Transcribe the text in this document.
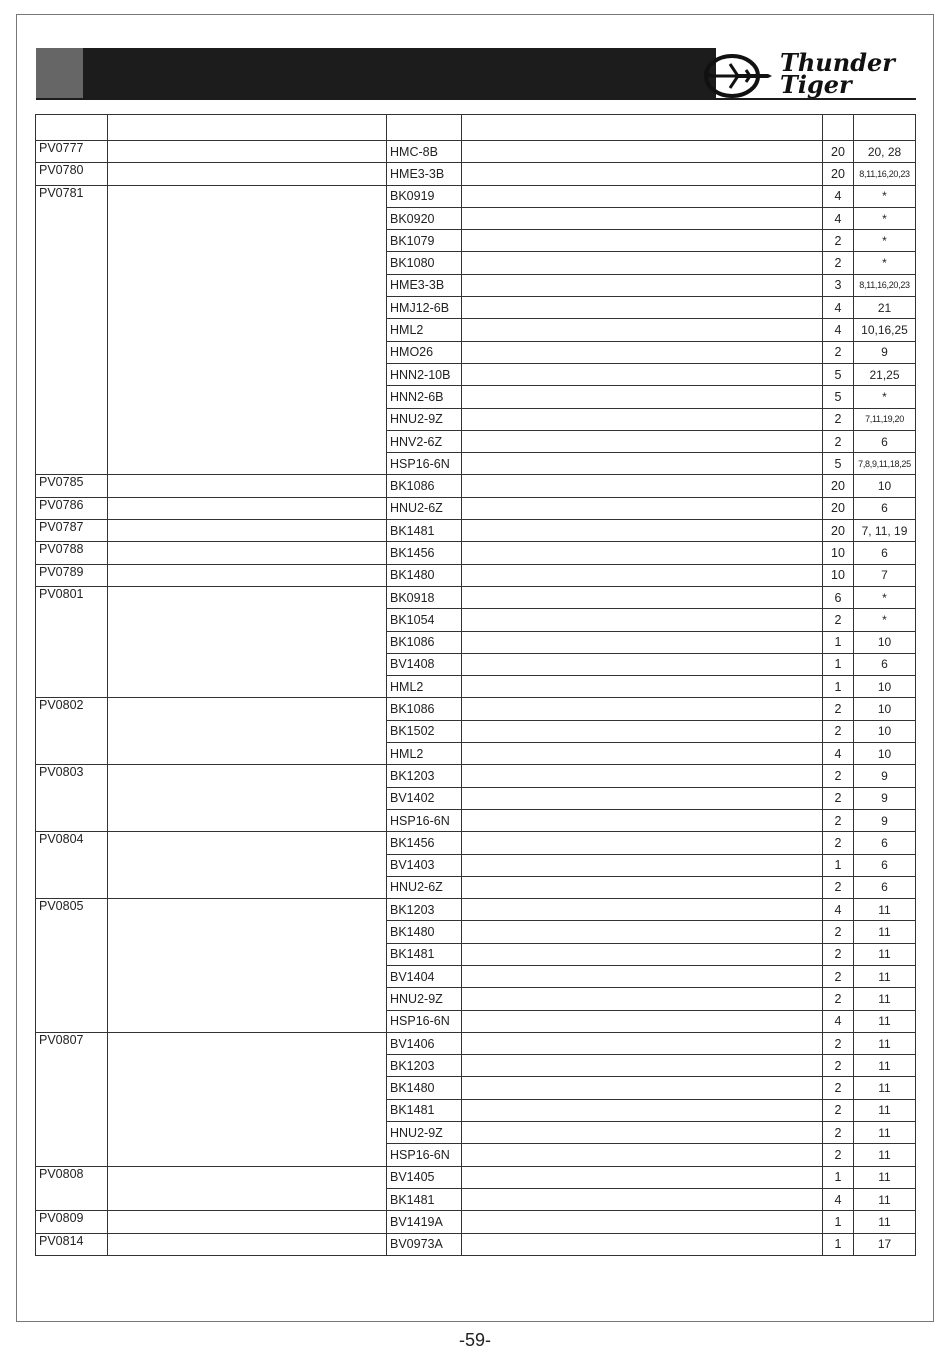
Thunder
Tiger

PV0777		HMC-8B		20	20, 28
PV0780		HME3-3B		20	8,11,16,20,23
PV0781		BK0919		4	*
		BK0920		4	*
		BK1079		2	*
		BK1080		2	*
		HME3-3B		3	8,11,16,20,23
		HMJ12-6B		4	21
		HML2		4	10,16,25
		HMO26		2	9
		HNN2-10B		5	21,25
		HNN2-6B		5	*
		HNU2-9Z		2	7,11,19,20
		HNV2-6Z		2	6
		HSP16-6N		5	7,8,9,11,18,25
PV0785		BK1086		20	10
PV0786		HNU2-6Z		20	6
PV0787		BK1481		20	7, 11, 19
PV0788		BK1456		10	6
PV0789		BK1480		10	7
PV0801		BK0918		6	*
		BK1054		2	*
		BK1086		1	10
		BV1408		1	6
		HML2		1	10
PV0802		BK1086		2	10
		BK1502		2	10
		HML2		4	10
PV0803		BK1203		2	9
		BV1402		2	9
		HSP16-6N		2	9
PV0804		BK1456		2	6
		BV1403		1	6
		HNU2-6Z		2	6
PV0805		BK1203		4	11
		BK1480		2	11
		BK1481		2	11
		BV1404		2	11
		HNU2-9Z		2	11
		HSP16-6N		4	11
PV0807		BV1406		2	11
		BK1203		2	11
		BK1480		2	11
		BK1481		2	11
		HNU2-9Z		2	11
		HSP16-6N		2	11
PV0808		BV1405		1	11
		BK1481		4	11
PV0809		BV1419A		1	11
PV0814		BV0973A		1	17
-59-
